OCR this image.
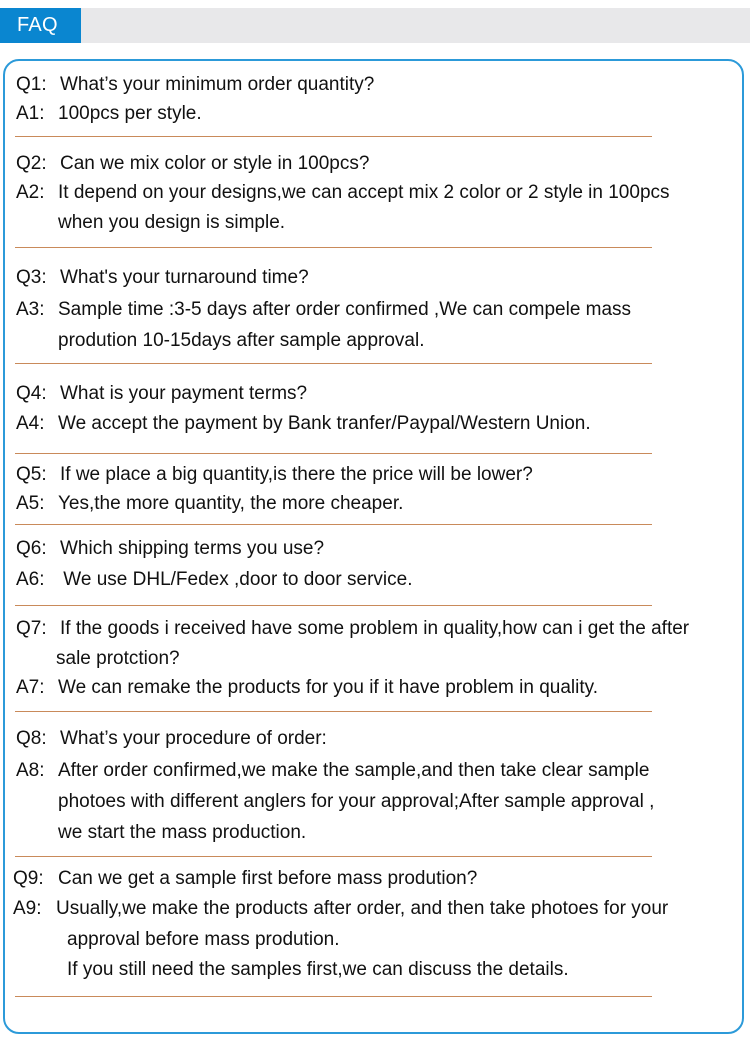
FAQ
Q1: What’s your minimum order quantity?
A1: 100pcs per style.
Q2: Can we mix color or style in 100pcs?
A2: It depend on your designs,we can accept mix 2 color or 2 style in 100pcs
when you design is simple.
Q3: What's your turnaround time?
A3: Sample time :3-5 days after order confirmed ,We can compele mass
prodution 10-15days after sample approval.
Q4: What is your payment terms?
A4: We accept the payment by Bank tranfer/Paypal/Western Union.
Q5: If we place a big quantity,is there the price will be lower?
A5: Yes,the more quantity, the more cheaper.
Q6: Which shipping terms you use?
A6: We use DHL/Fedex ,door to door service.
Q7: If the goods i received have some problem in quality,how can i get the after
sale protction?
A7: We can remake the products for you if it have problem in quality.
Q8: What’s your procedure of order:
A8: After order confirmed,we make the sample,and then take clear sample
photoes with different anglers for your approval;After sample approval ,
we start the mass production.
Q9: Can we get a sample first before mass prodution?
A9: Usually,we make the products after order, and then take photoes for your
approval before mass prodution.
If you still need the samples first,we can discuss the details.
